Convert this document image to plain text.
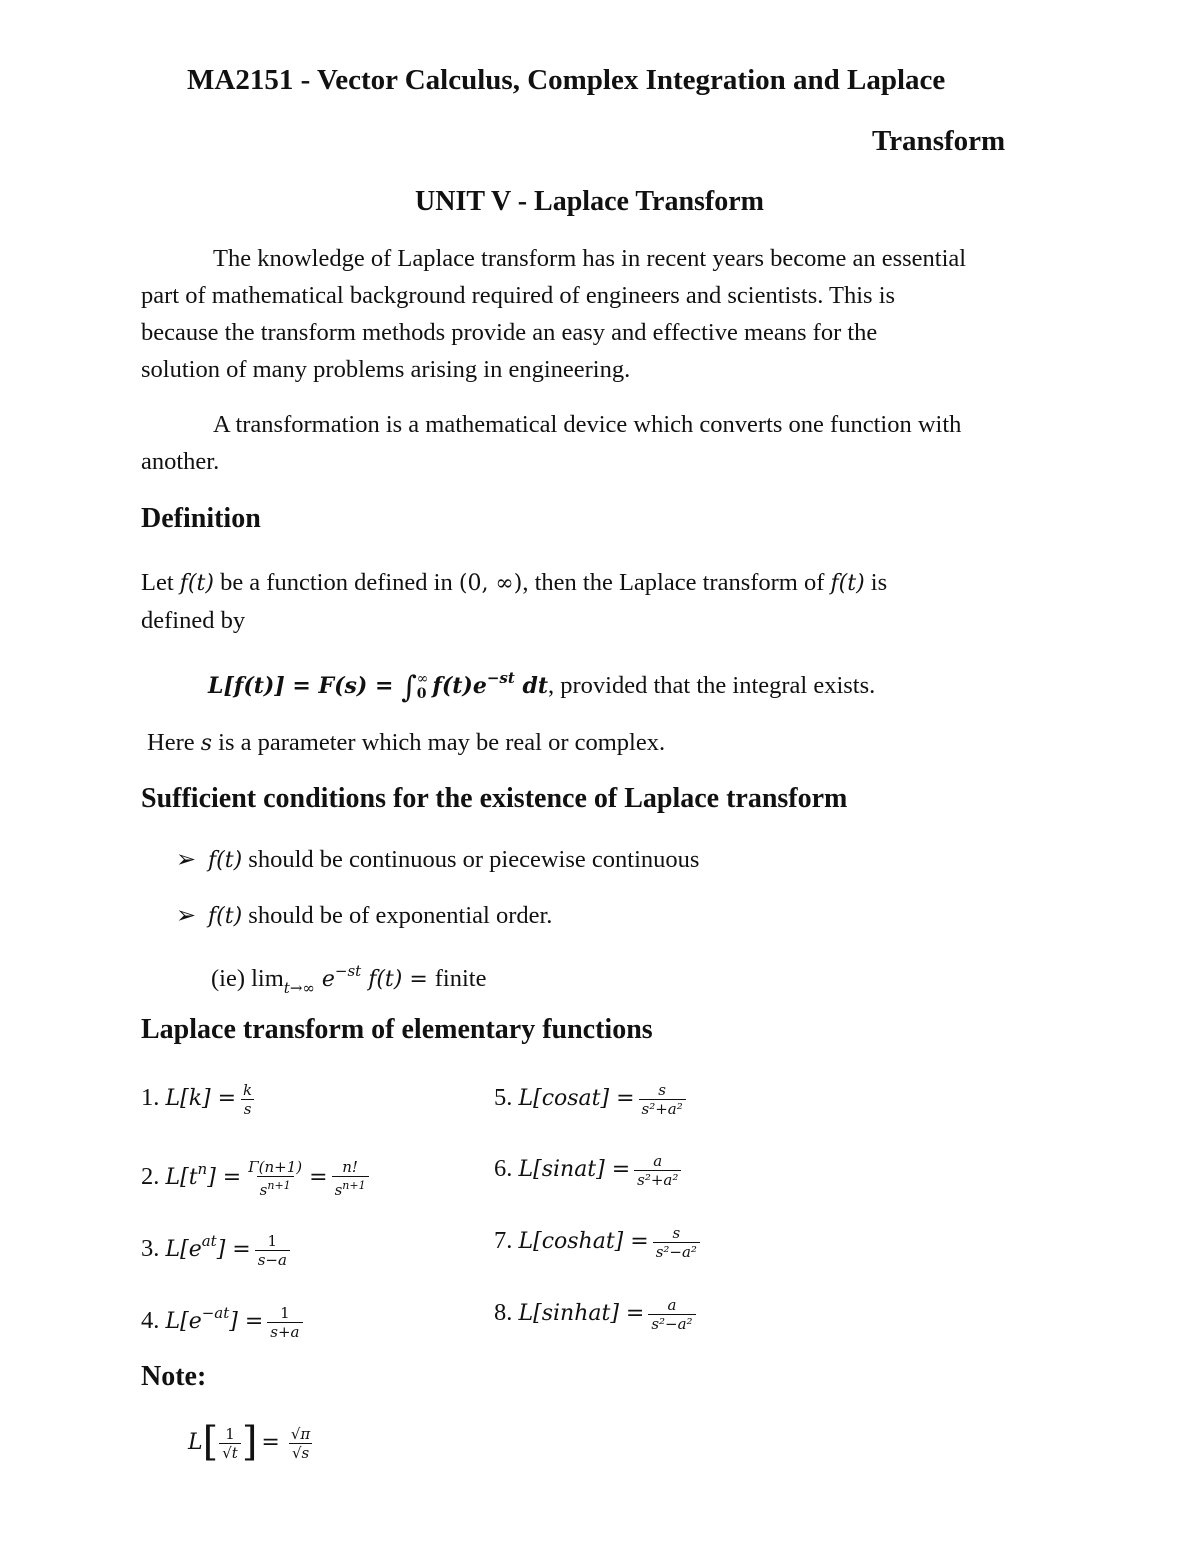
MA2151 - Vector Calculus, Complex Integration and Laplace
Transform
UNIT V - Laplace Transform
The knowledge of Laplace transform has in recent years become an essential
part of mathematical background required of engineers and scientists. This is
because the transform methods provide an easy and effective means for the
solution of many problems arising in engineering.
A transformation is a mathematical device which converts one function with
another.
Definition
Let f(t) be a function defined in (0, ∞), then the Laplace transform of f(t) is
defined by
L[f(t)] = F(s) = ∫ ∞
0 $f(t)e^{-st}$ dt, provided that the integral exists.
Here s is a parameter which may be real or complex.
Sufficient conditions for the existence of Laplace transform
➢ f(t) should be continuous or piecewise continuous
➢ f(t) should be of exponential order.
(ie) $\lim_{t\to\infty} e^{-st}$ f(t) = finite
Laplace transform of elementary functions
1. $L[k] = \frac{k}{s}$
2. $L[t^n] = \frac{\Gamma(n+1)}{s^{n+1}} = \frac{n!}{s^{n+1}}$
3. $L[e^{at}] = \frac{1}{s-a}$
4. $L[e^{-at}] = \frac{1}{s+a}$
5. L[cosat] = $\frac{s}{\text{s²+a²}}$
6. L[sinat] = $\frac{a}{\text{s²+a²}}$
7. L[coshat] = $\frac{s}{\text{s²−a²}}$
8. L[sinhat] = $\frac{a}{\text{s²−a²}}$
Note:
$L[ \frac{1}{√t}$ ] = $\frac{√\pi}{√s}$
